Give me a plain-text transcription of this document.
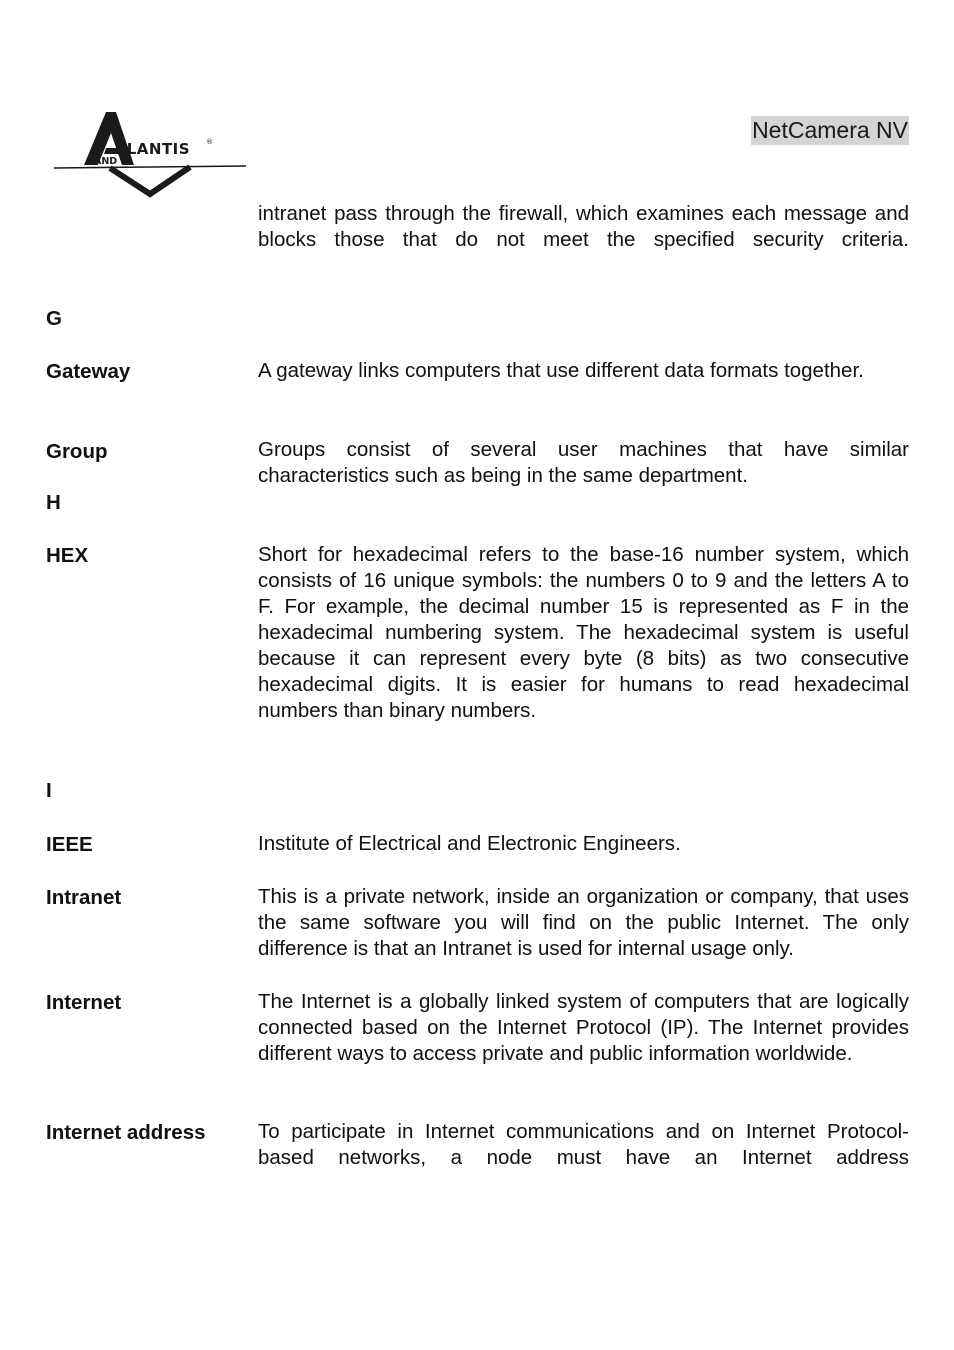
TLANTIS ®
AND
NetCamera NV

intranet pass through the firewall, which examines each message and blocks those that do not meet the specified security criteria.

G

Gateway	A gateway links computers that use different data formats together.

Group	Groups consist of several user machines that have similar characteristics such as being in the same department.

H

HEX	Short for hexadecimal refers to the base-16 number system, which consists of 16 unique symbols: the numbers 0 to 9 and the letters A to F. For example, the decimal number 15 is represented as F in the hexadecimal numbering system. The hexadecimal system is useful because it can represent every byte (8 bits) as two consecutive hexadecimal digits. It is easier for humans to read hexadecimal numbers than binary numbers.

I

IEEE	Institute of Electrical and Electronic Engineers.

Intranet	This is a private network, inside an organization or company, that uses the same software you will find on the public Internet. The only difference is that an Intranet is used for internal usage only.

Internet	The Internet is a globally linked system of computers that are logically connected based on the Internet Protocol (IP). The Internet provides different ways to access private and public information worldwide.

Internet address	To participate in Internet communications and on Internet Protocol-based networks, a node must have an Internet address
